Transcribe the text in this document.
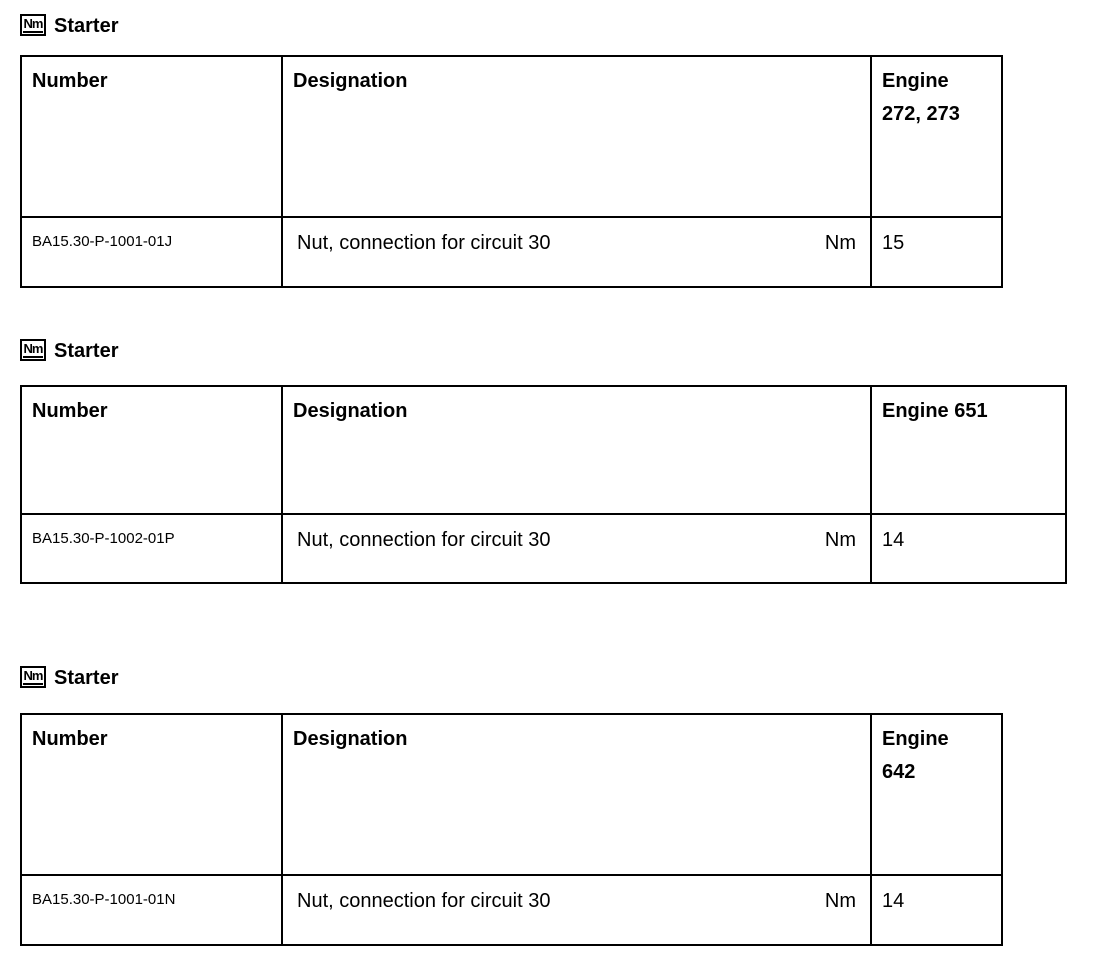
Nm Starter
Number	Designation	Engine
272, 273

BA15.30-P-1001-01J	Nut, connection for circuit 30 Nm	15
Nm Starter
Number	Designation	Engine 651

BA15.30-P-1002-01P	Nut, connection for circuit 30 Nm	14
Nm Starter
Number	Designation	Engine
642

BA15.30-P-1001-01N	Nut, connection for circuit 30 Nm	14
